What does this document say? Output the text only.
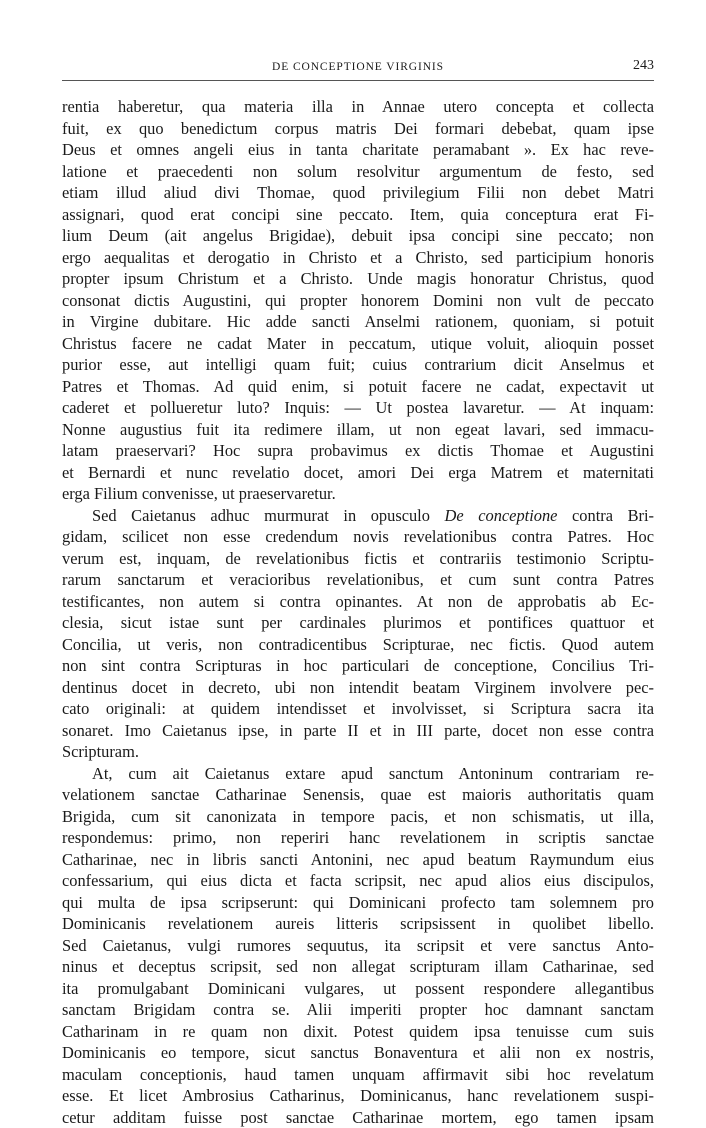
DE CONCEPTIONE VIRGINIS	243
rentia haberetur, qua materia illa in Annae utero concepta et collecta
fuit, ex quo benedictum corpus matris Dei formari debebat, quam ipse
Deus et omnes angeli eius in tanta charitate peramabant ». Ex hac reve-
latione et praecedenti non solum resolvitur argumentum de festo, sed
etiam illud aliud divi Thomae, quod privilegium Filii non debet Matri
assignari, quod erat concipi sine peccato. Item, quia conceptura erat Fi-
lium Deum (ait angelus Brigidae), debuit ipsa concipi sine peccato; non
ergo aequalitas et derogatio in Christo et a Christo, sed participium honoris
propter ipsum Christum et a Christo. Unde magis honoratur Christus, quod
consonat dictis Augustini, qui propter honorem Domini non vult de peccato
in Virgine dubitare. Hic adde sancti Anselmi rationem, quoniam, si potuit
Christus facere ne cadat Mater in peccatum, utique voluit, alioquin posset
purior esse, aut intelligi quam fuit; cuius contrarium dicit Anselmus et
Patres et Thomas. Ad quid enim, si potuit facere ne cadat, expectavit ut
caderet et pollueretur luto? Inquis: — Ut postea lavaretur. — At inquam:
Nonne augustius fuit ita redimere illam, ut non egeat lavari, sed immacu-
latam praeservari? Hoc supra probavimus ex dictis Thomae et Augustini
et Bernardi et nunc revelatio docet, amori Dei erga Matrem et maternitati
erga Filium convenisse, ut praeservaretur.
Sed Caietanus adhuc murmurat in opusculo De conceptione contra Bri-
gidam, scilicet non esse credendum novis revelationibus contra Patres. Hoc
verum est, inquam, de revelationibus fictis et contrariis testimonio Scriptu-
rarum sanctarum et veracioribus revelationibus, et cum sunt contra Patres
testificantes, non autem si contra opinantes. At non de approbatis ab Ec-
clesia, sicut istae sunt per cardinales plurimos et pontifices quattuor et
Concilia, ut veris, non contradicentibus Scripturae, nec fictis. Quod autem
non sint contra Scripturas in hoc particulari de conceptione, Concilius Tri-
dentinus docet in decreto, ubi non intendit beatam Virginem involvere pec-
cato originali: at quidem intendisset et involvisset, si Scriptura sacra ita
sonaret. Imo Caietanus ipse, in parte II et in III parte, docet non esse contra
Scripturam.
At, cum ait Caietanus extare apud sanctum Antoninum contrariam re-
velationem sanctae Catharinae Senensis, quae est maioris authoritatis quam
Brigida, cum sit canonizata in tempore pacis, et non schismatis, ut illa,
respondemus: primo, non reperiri hanc revelationem in scriptis sanctae
Catharinae, nec in libris sancti Antonini, nec apud beatum Raymundum eius
confessarium, qui eius dicta et facta scripsit, nec apud alios eius discipulos,
qui multa de ipsa scripserunt: qui Dominicani profecto tam solemnem pro
Dominicanis revelationem aureis litteris scripsissent in quolibet libello.
Sed Caietanus, vulgi rumores sequutus, ita scripsit et vere sanctus Anto-
ninus et deceptus scripsit, sed non allegat scripturam illam Catharinae, sed
ita promulgabant Dominicani vulgares, ut possent respondere allegantibus
sanctam Brigidam contra se. Alii imperiti propter hoc damnant sanctam
Catharinam in re quam non dixit. Potest quidem ipsa tenuisse cum suis
Dominicanis eo tempore, sicut sanctus Bonaventura et alii non ex nostris,
maculam conceptionis, haud tamen unquam affirmavit sibi hoc revelatum
esse. Et licet Ambrosius Catharinus, Dominicanus, hanc revelationem suspi-
cetur additam fuisse post sanctae Catharinae mortem, ego tamen ipsam
